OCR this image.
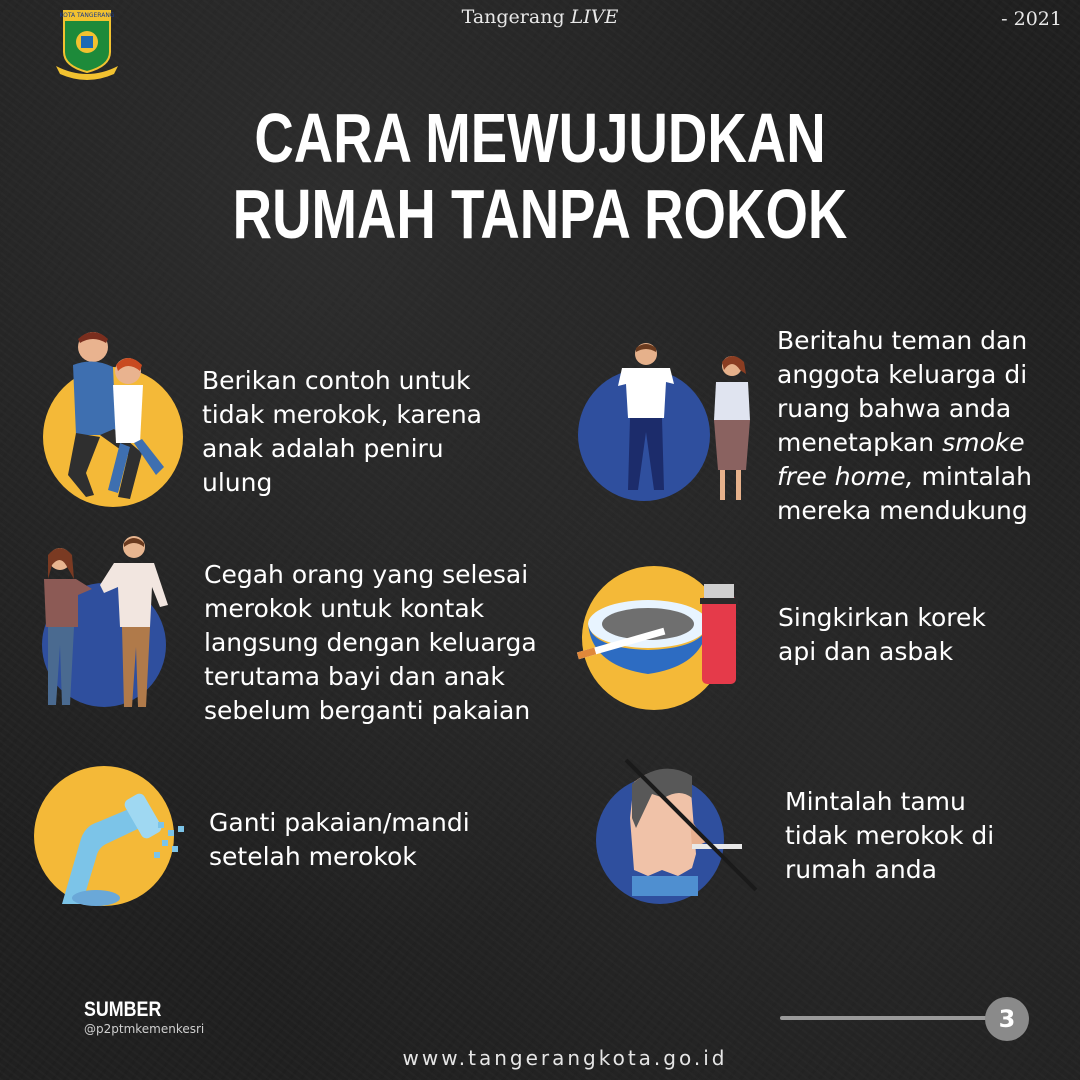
KOTA TANGERANG	Tangerang LIVE	- 2021
CARA MEWUJUDKAN
RUMAH TANPA ROKOK
Berikan contoh untuk
tidak merokok, karena
anak adalah peniru
ulung
Beritahu teman dan
anggota keluarga di
ruang bahwa anda
menetapkan smoke
free home, mintalah
mereka mendukung
Cegah orang yang selesai
merokok untuk kontak
langsung dengan keluarga
terutama bayi dan anak
sebelum berganti pakaian
Singkirkan korek
api dan asbak
Ganti pakaian/mandi
setelah merokok
Mintalah tamu
tidak merokok di
rumah anda
SUMBER
@p2ptmkemenkesri	3
www.tangerangkota.go.id
